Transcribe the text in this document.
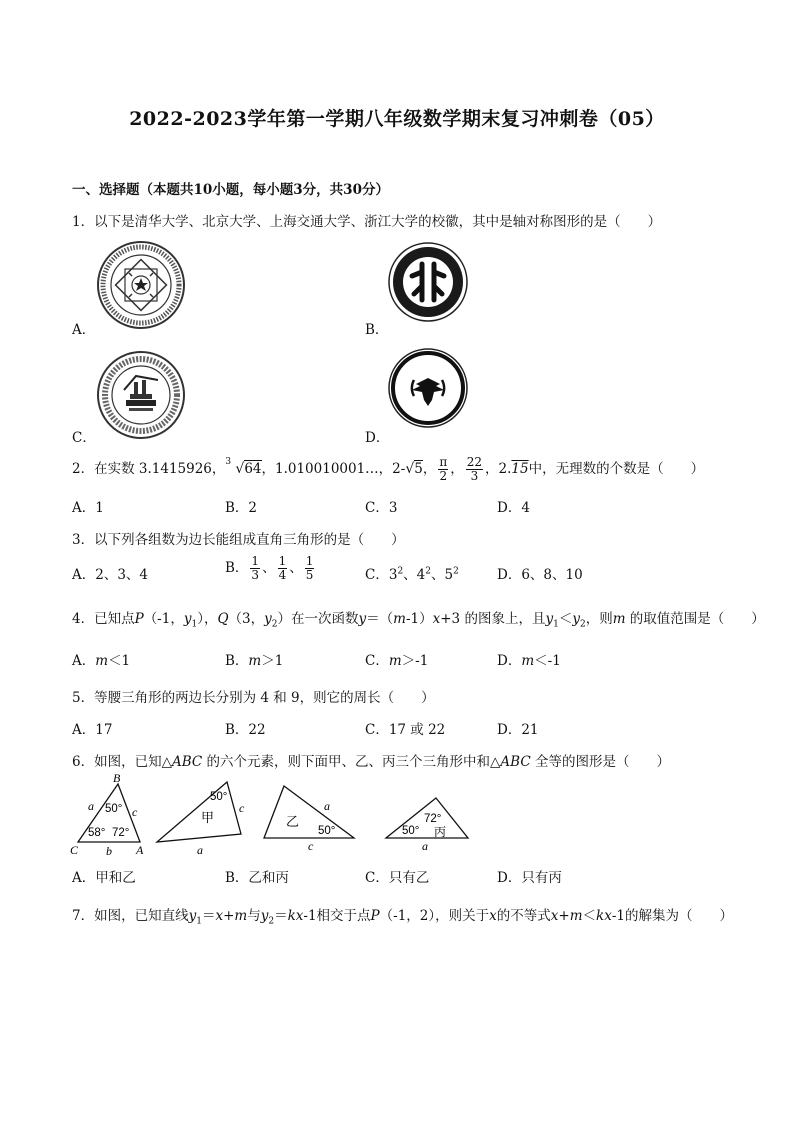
2022-2023学年第一学期八年级数学期末复习冲刺卷（05）
一、选择题（本题共10小题，每小题3分，共30分）
1．以下是清华大学、北京大学、上海交通大学、浙江大学的校徽，其中是轴对称图形的是（　　）
A．	B．
C．	D．
2．在实数 3.1415926， 3 √64，1.010010001…，2-√5， $\frac{\pi}{2}$ ， $\frac{22}{3}$ ，2.15中，无理数的个数是（　　）
A．1	B．2	C．3	D．4
3．以下列各组数为边长能组成直角三角形的是（　　）
A．2、3、4	B． $\frac{1}{3}$ 、 $\frac{1}{4}$ 、 $\frac{1}{5}$	C．$3^2$、$4^2$、$5^2$	D．6、8、10
4．已知点P（-1，$y_1$），Q（3，$y_2$）在一次函数y＝（m-1）x+3 的图象上，且$y_1<y_2$，则m 的取值范围是（　　）
A．m＜1	B．m＞1	C．m＞-1	D．m＜-1
5．等腰三角形的两边长分别为 4 和 9，则它的周长（　　）
A．17	B．22	C．17 或 22	D．21
6．如图，已知△ABC 的六个元素，则下面甲、乙、丙三个三角形中和△ABC 全等的图形是（　　）
B
C	A
a	c
b
50°
58° 72°
50°
甲
c
a
乙
a
50°
c
72°
50° 丙
a
A．甲和乙	B．乙和丙	C．只有乙	D．只有丙
7．如图，已知直线$y_1=x+m$与$y_2=kx-1$相交于点P（-1，2），则关于x的不等式x+m＜kx-1的解集为（　　）
